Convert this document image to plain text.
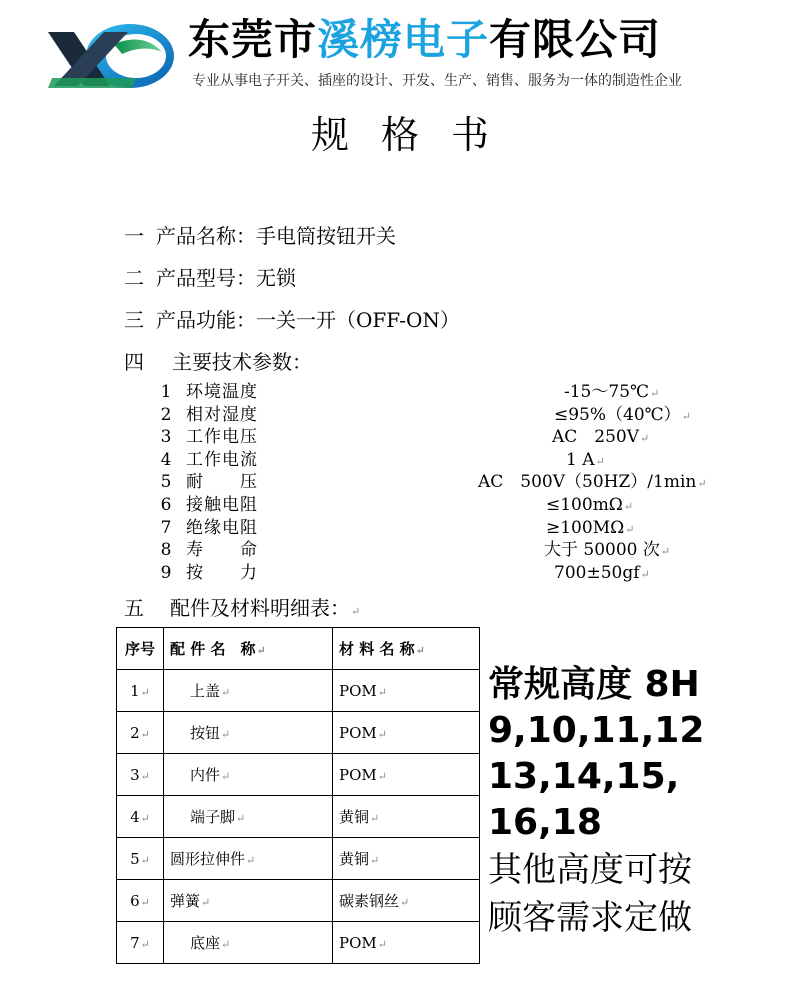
东莞市溪榜电子有限公司
专业从事电子开关、插座的设计、开发、生产、销售、服务为一体的制造性企业
规格书
一 产品名称：手电筒按钮开关
二 产品型号：无锁
三 产品功能：一关一开（OFF-ON）
四 主要技术参数：
1 环境温度	-15～75℃↵
2 相对湿度	≤95%（40℃）↵
3 工作电压	AC　250V↵
4 工作电流	1 A↵
5 耐　　压	AC　500V（50HZ）/1min↵
6 接触电阻	≤100mΩ↵
7 绝缘电阻	≥100MΩ↵
8 寿　　命	大于 50000 次↵
9 按　　力	700±50gf↵
五 配件及材料明细表：↵
序号	配 件 名　称↵	材 料 名 称↵
1↵	上盖↵	POM↵
2↵	按钮↵	POM↵
3↵	内件↵	POM↵
4↵	端子脚↵	黄铜↵
5↵	圆形拉伸件↵	黄铜↵
6↵	弹簧↵	碳素钢丝↵
7↵	底座↵	POM↵
常规高度 8H
9,10,11,12
13,14,15,
16,18
其他高度可按
顾客需求定做
